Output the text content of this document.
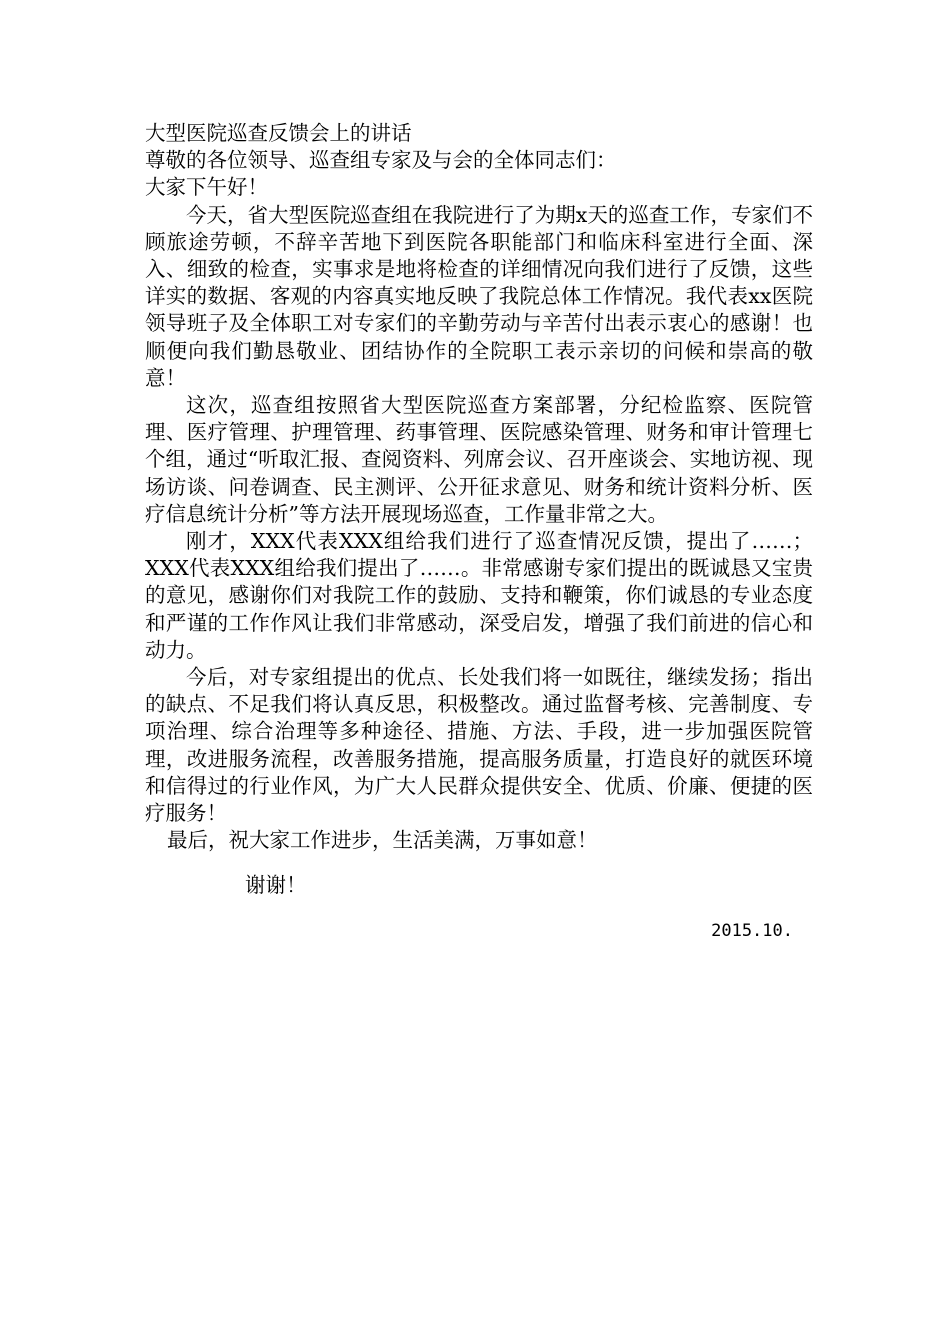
大型医院巡查反馈会上的讲话

尊敬的各位领导、巡查组专家及与会的全体同志们：

大家下午好！

今天，省大型医院巡查组在我院进行了为期x天的巡查工作，专家们不顾旅途劳顿，不辞辛苦地下到医院各职能部门和临床科室进行全面、深入、细致的检查，实事求是地将检查的详细情况向我们进行了反馈，这些详实的数据、客观的内容真实地反映了我院总体工作情况。我代表xx医院领导班子及全体职工对专家们的辛勤劳动与辛苦付出表示衷心的感谢！也顺便向我们勤恳敬业、团结协作的全院职工表示亲切的问候和崇高的敬意！

这次，巡查组按照省大型医院巡查方案部署，分纪检监察、医院管理、医疗管理、护理管理、药事管理、医院感染管理、财务和审计管理七个组，通过“听取汇报、查阅资料、列席会议、召开座谈会、实地访视、现场访谈、问卷调查、民主测评、公开征求意见、财务和统计资料分析、医疗信息统计分析”等方法开展现场巡查，工作量非常之大。

刚才，XXX代表XXX组给我们进行了巡查情况反馈，提出了……；XXX代表XXX组给我们提出了……。非常感谢专家们提出的既诚恳又宝贵的意见，感谢你们对我院工作的鼓励、支持和鞭策，你们诚恳的专业态度和严谨的工作作风让我们非常感动，深受启发，增强了我们前进的信心和动力。

今后，对专家组提出的优点、长处我们将一如既往，继续发扬；指出的缺点、不足我们将认真反思，积极整改。通过监督考核、完善制度、专项治理、综合治理等多种途径、措施、方法、手段，进一步加强医院管理，改进服务流程，改善服务措施，提高服务质量，打造良好的就医环境和信得过的行业作风，为广大人民群众提供安全、优质、价廉、便捷的医疗服务！

最后，祝大家工作进步，生活美满，万事如意！

谢谢！

2015.10.
